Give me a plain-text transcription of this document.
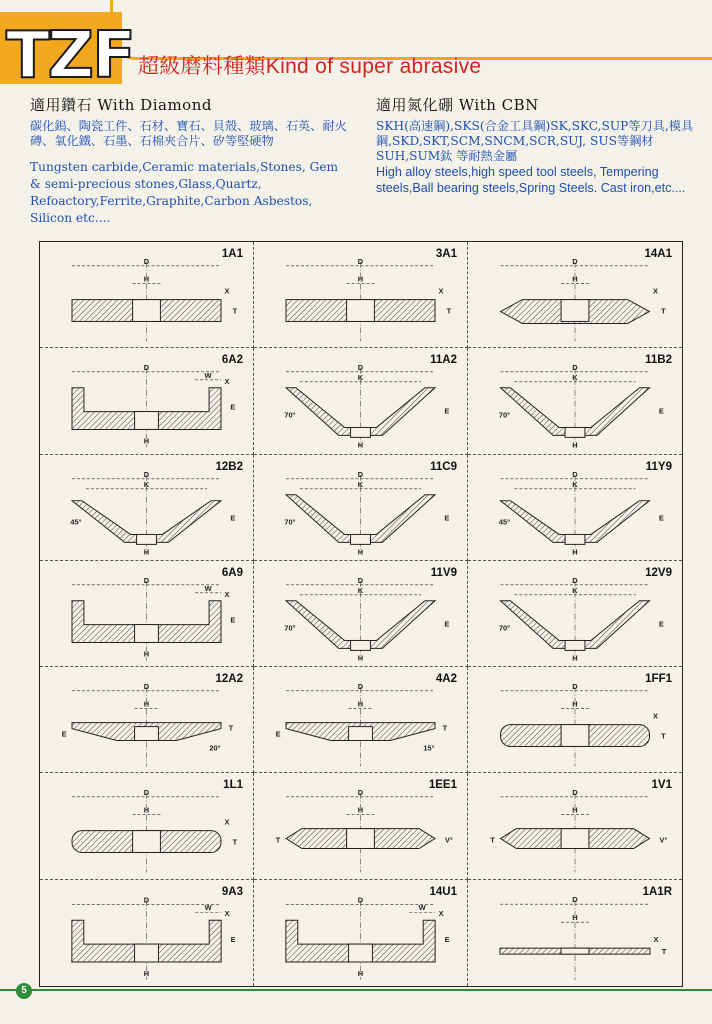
TZF 超級磨料種類Kind of super abrasive
適用鑽石 With Diamond
碳化鎢、陶瓷工件、石材、寶石、貝殼、玻璃、石英、耐火磚、氧化鐵、石墨、石棉夾合片、矽等堅硬物
Tungsten carbide,Ceramic materials,Stones, Gem & semi-precious stones,Glass,Quartz, Refoactory,Ferrite,Graphite,Carbon Asbestos, Silicon etc....
適用氮化硼 With CBN
SKH(高速鋼),SKS(合金工具鋼)SK,SKC,SUP等刀具,模具鋼,SKD,SKT,SCM,SNCM,SCR,SUJ, SUS等鋼材SUH,SUM鈦 等耐熱金屬
High alloy steels,high speed tool steels, Tempering steels,Ball bearing steels,Spring Steels. Cast iron,etc....
D
H
T
X
1A1
D
H
T
X
3A1
D
H
T
X
14A1
D
H
E
X
W
6A2
D
K
H
E
70°
11A2
D
K
H
E
70°
11B2
D
K
H
E
45°
12B2
D
K
H
E
70°
11C9
D
K
H
E
45°
11Y9
D
H
E
X
W
6A9
D
K
H
E
70°
11V9
D
K
H
E
70°
12V9
D
H
E
T
20°
12A2
D
H
E
T
15°
4A2
D
H
T
X
1FF1
D
H
T
X
1L1
D
H
V°
T
1EE1
D
H
V°
T
1V1
D
H
E
X
W
9A3
D
H
E
X
W
14U1
D
H
T
X
1A1R
5
